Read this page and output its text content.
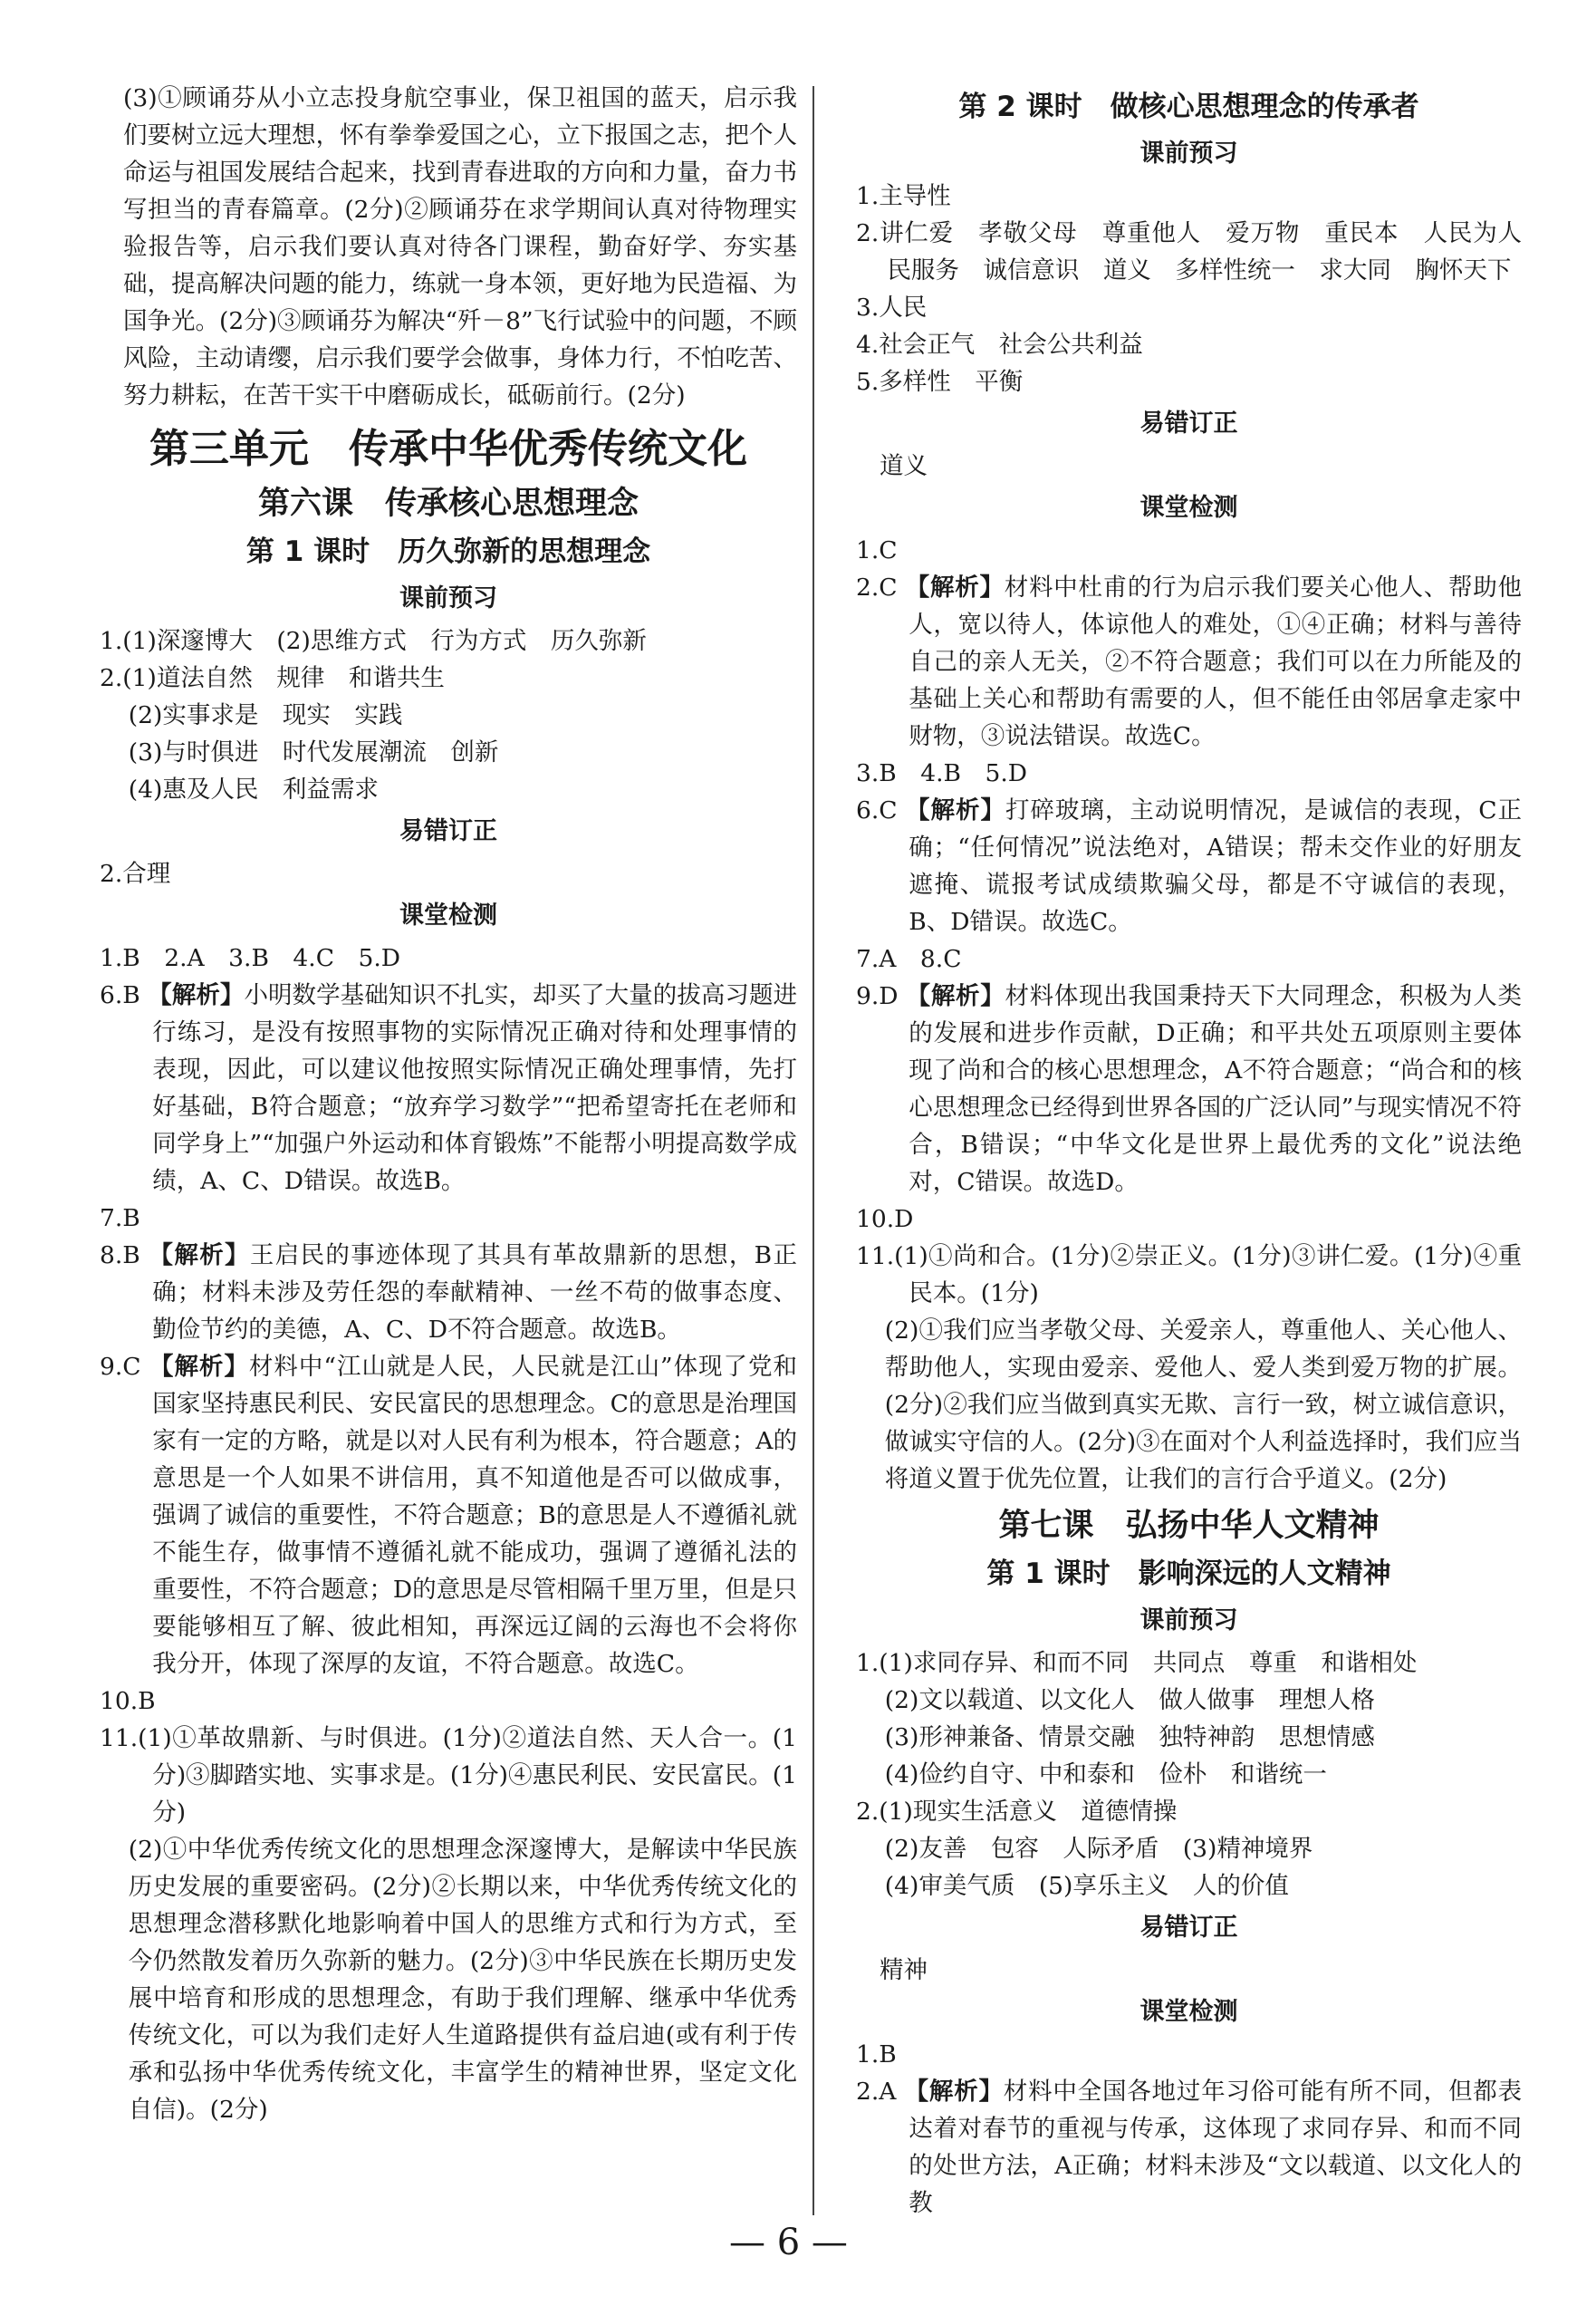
(3)①顾诵芬从小立志投身航空事业，保卫祖国的蓝天，启示我们要树立远大理想，怀有拳拳爱国之心，立下报国之志，把个人命运与祖国发展结合起来，找到青春进取的方向和力量，奋力书写担当的青春篇章。(2分)②顾诵芬在求学期间认真对待物理实验报告等，启示我们要认真对待各门课程，勤奋好学、夯实基础，提高解决问题的能力，练就一身本领，更好地为民造福、为国争光。(2分)③顾诵芬为解决“歼－8”飞行试验中的问题，不顾风险，主动请缨，启示我们要学会做事，身体力行，不怕吃苦、努力耕耘，在苦干实干中磨砺成长，砥砺前行。(2分)

第三单元　传承中华优秀传统文化
第六课　传承核心思想理念
第 1 课时　历久弥新的思想理念
课前预习

1.(1)深邃博大　(2)思维方式　行为方式　历久弥新

2.(1)道法自然　规律　和谐共生

(2)实事求是　现实　实践

(3)与时俱进　时代发展潮流　创新

(4)惠及人民　利益需求

易错订正

2.合理

课堂检测

1.B　2.A　3.B　4.C　5.D

6.B 【解析】小明数学基础知识不扎实，却买了大量的拔高习题进行练习，是没有按照事物的实际情况正确对待和处理事情的表现，因此，可以建议他按照实际情况正确处理事情，先打好基础，B符合题意；“放弃学习数学”“把希望寄托在老师和同学身上”“加强户外运动和体育锻炼”不能帮小明提高数学成绩，A、C、D错误。故选B。

7.B

8.B 【解析】王启民的事迹体现了其具有革故鼎新的思想，B正确；材料未涉及劳任怨的奉献精神、一丝不苟的做事态度、勤俭节约的美德，A、C、D不符合题意。故选B。

9.C 【解析】材料中“江山就是人民，人民就是江山”体现了党和国家坚持惠民利民、安民富民的思想理念。C的意思是治理国家有一定的方略，就是以对人民有利为根本，符合题意；A的意思是一个人如果不讲信用，真不知道他是否可以做成事，强调了诚信的重要性，不符合题意；B的意思是人不遵循礼就不能生存，做事情不遵循礼就不能成功，强调了遵循礼法的重要性，不符合题意；D的意思是尽管相隔千里万里，但是只要能够相互了解、彼此相知，再深远辽阔的云海也不会将你我分开，体现了深厚的友谊，不符合题意。故选C。

10.B

11.(1)①革故鼎新、与时俱进。(1分)②道法自然、天人合一。(1分)③脚踏实地、实事求是。(1分)④惠民利民、安民富民。(1分)

(2)①中华优秀传统文化的思想理念深邃博大，是解读中华民族历史发展的重要密码。(2分)②长期以来，中华优秀传统文化的思想理念潜移默化地影响着中国人的思维方式和行为方式，至今仍然散发着历久弥新的魅力。(2分)③中华民族在长期历史发展中培育和形成的思想理念，有助于我们理解、继承中华优秀传统文化，可以为我们走好人生道路提供有益启迪(或有利于传承和弘扬中华优秀传统文化，丰富学生的精神世界，坚定文化自信)。(2分)

第 2 课时　做核心思想理念的传承者
课前预习

1.主导性

2.讲仁爱　孝敬父母　尊重他人　爱万物　重民本　人民为人民服务　诚信意识　道义　多样性统一　求大同　胸怀天下

3.人民

4.社会正气　社会公共利益

5.多样性　平衡

易错订正

道义

课堂检测

1.C

2.C 【解析】材料中杜甫的行为启示我们要关心他人、帮助他人，宽以待人，体谅他人的难处，①④正确；材料与善待自己的亲人无关，②不符合题意；我们可以在力所能及的基础上关心和帮助有需要的人，但不能任由邻居拿走家中财物，③说法错误。故选C。

3.B　4.B　5.D

6.C 【解析】打碎玻璃，主动说明情况，是诚信的表现，C正确；“任何情况”说法绝对，A错误；帮未交作业的好朋友遮掩、谎报考试成绩欺骗父母，都是不守诚信的表现，B、D错误。故选C。

7.A　8.C

9.D 【解析】材料体现出我国秉持天下大同理念，积极为人类的发展和进步作贡献，D正确；和平共处五项原则主要体现了尚和合的核心思想理念，A不符合题意；“尚合和的核心思想理念已经得到世界各国的广泛认同”与现实情况不符合，B错误；“中华文化是世界上最优秀的文化”说法绝对，C错误。故选D。

10.D

11.(1)①尚和合。(1分)②崇正义。(1分)③讲仁爱。(1分)④重民本。(1分)

(2)①我们应当孝敬父母、关爱亲人，尊重他人、关心他人、帮助他人，实现由爱亲、爱他人、爱人类到爱万物的扩展。(2分)②我们应当做到真实无欺、言行一致，树立诚信意识，做诚实守信的人。(2分)③在面对个人利益选择时，我们应当将道义置于优先位置，让我们的言行合乎道义。(2分)

第七课　弘扬中华人文精神
第 1 课时　影响深远的人文精神
课前预习

1.(1)求同存异、和而不同　共同点　尊重　和谐相处

(2)文以载道、以文化人　做人做事　理想人格

(3)形神兼备、情景交融　独特神韵　思想情感

(4)俭约自守、中和泰和　俭朴　和谐统一

2.(1)现实生活意义　道德情操

(2)友善　包容　人际矛盾　(3)精神境界

(4)审美气质　(5)享乐主义　人的价值

易错订正

精神

课堂检测

1.B

2.A 【解析】材料中全国各地过年习俗可能有所不同，但都表达着对春节的重视与传承，这体现了求同存异、和而不同的处世方法，A正确；材料未涉及“文以载道、以文化人的教

— 6 —
